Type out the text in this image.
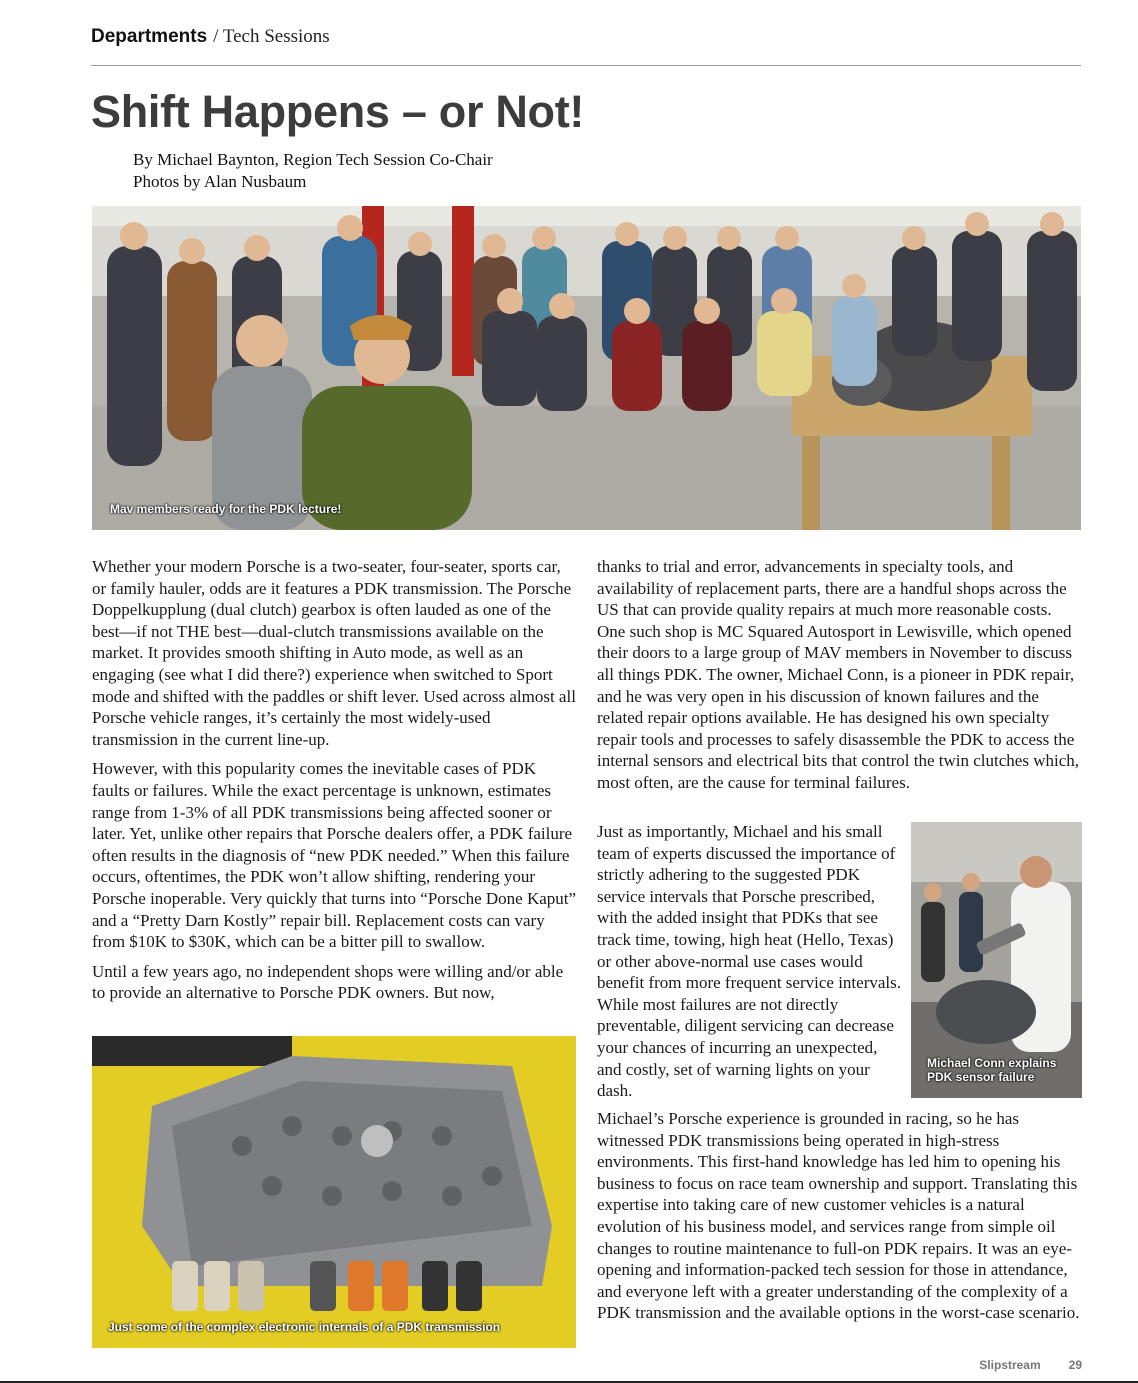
Departments / Tech Sessions
Shift Happens – or Not!
By Michael Baynton, Region Tech Session Co-Chair
Photos by Alan Nusbaum
Mav members ready for the PDK lecture!

Whether your modern Porsche is a two-seater, four-seater, sports car, or family hauler, odds are it features a PDK transmission. The Porsche Doppelkupplung (dual clutch) gearbox is often lauded as one of the best—if not THE best—dual-clutch transmissions available on the market. It provides smooth shifting in Auto mode, as well as an engaging (see what I did there?) experience when switched to Sport mode and shifted with the paddles or shift lever. Used across almost all Porsche vehicle ranges, it’s certainly the most widely-used transmission in the current line-up.

However, with this popularity comes the inevitable cases of PDK faults or failures. While the exact percentage is unknown, estimates range from 1-3% of all PDK transmissions being affected sooner or later. Yet, unlike other repairs that Porsche dealers offer, a PDK failure often results in the diagnosis of “new PDK needed.” When this failure occurs, oftentimes, the PDK won’t allow shifting, rendering your Porsche inoperable. Very quickly that turns into “Porsche Done Kaput” and a “Pretty Darn Kostly” repair bill. Replacement costs can vary from $10K to $30K, which can be a bitter pill to swallow.

Until a few years ago, no independent shops were willing and/or able to provide an alternative to Porsche PDK owners. But now,

Just some of the complex electronic internals of a PDK transmission

thanks to trial and error, advancements in specialty tools, and availability of replacement parts, there are a handful shops across the US that can provide quality repairs at much more reasonable costs. One such shop is MC Squared Autosport in Lewisville, which opened their doors to a large group of MAV members in November to discuss all things PDK. The owner, Michael Conn, is a pioneer in PDK repair, and he was very open in his discussion of known failures and the related repair options available. He has designed his own specialty repair tools and processes to safely disassemble the PDK to access the internal sensors and electrical bits that control the twin clutches which, most often, are the cause for terminal failures.

Just as importantly, Michael and his small team of experts discussed the importance of strictly adhering to the suggested PDK service intervals that Porsche prescribed, with the added insight that PDKs that see track time, towing, high heat (Hello, Texas) or other above-normal use cases would benefit from more frequent service intervals. While most failures are not directly preventable, diligent servicing can decrease your chances of incurring an unexpected, and costly, set of warning lights on your dash.

Michael Conn explains
PDK sensor failure

Michael’s Porsche experience is grounded in racing, so he has witnessed PDK transmissions being operated in high-stress environments. This first-hand knowledge has led him to opening his business to focus on race team ownership and support. Translating this expertise into taking care of new customer vehicles is a natural evolution of his business model, and services range from simple oil changes to routine maintenance to full-on PDK repairs. It was an eye-opening and information-packed tech session for those in attendance, and everyone left with a greater understanding of the complexity of a PDK transmission and the available options in the worst-case scenario.

Slipstream 29
